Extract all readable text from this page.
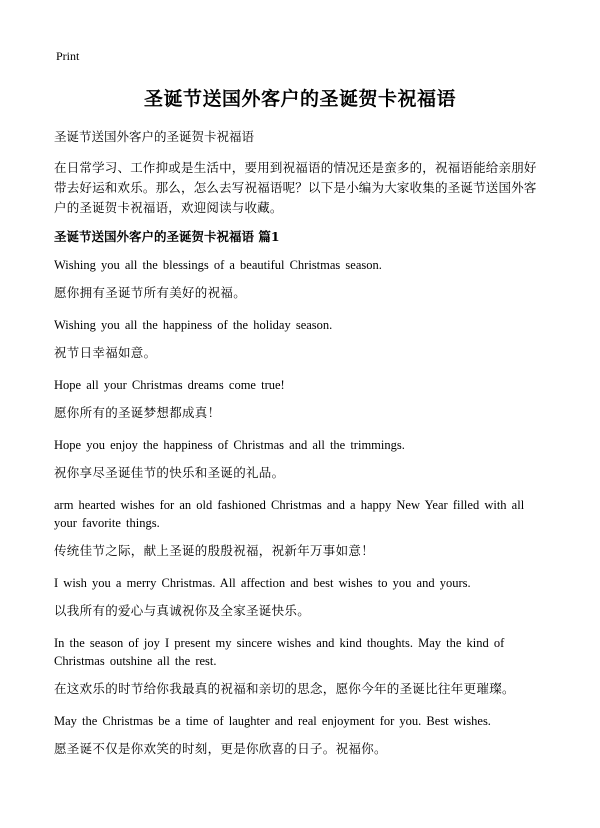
Print
圣诞节送国外客户的圣诞贺卡祝福语
圣诞节送国外客户的圣诞贺卡祝福语
在日常学习、工作抑或是生活中，要用到祝福语的情况还是蛮多的，祝福语能给亲朋好带去好运和欢乐。那么，怎么去写祝福语呢？以下是小编为大家收集的圣诞节送国外客户的圣诞贺卡祝福语，欢迎阅读与收藏。
圣诞节送国外客户的圣诞贺卡祝福语 篇1
Wishing you all the blessings of a beautiful Christmas season.
愿你拥有圣诞节所有美好的祝福。
Wishing you all the happiness of the holiday season.
祝节日幸福如意。
Hope all your Christmas dreams come true!
愿你所有的圣诞梦想都成真！
Hope you enjoy the happiness of Christmas and all the trimmings.
祝你享尽圣诞佳节的快乐和圣诞的礼品。
arm hearted wishes for an old fashioned Christmas and a happy New Year filled with all your favorite things.
传统佳节之际，献上圣诞的殷殷祝福，祝新年万事如意！
I wish you a merry Christmas. All affection and best wishes to you and yours.
以我所有的爱心与真诚祝你及全家圣诞快乐。
In the season of joy I present my sincere wishes and kind thoughts. May the kind of Christmas outshine all the rest.
在这欢乐的时节给你我最真的祝福和亲切的思念，愿你今年的圣诞比往年更璀璨。
May the Christmas be a time of laughter and real enjoyment for you. Best wishes.
愿圣诞不仅是你欢笑的时刻，更是你欣喜的日子。祝福你。
